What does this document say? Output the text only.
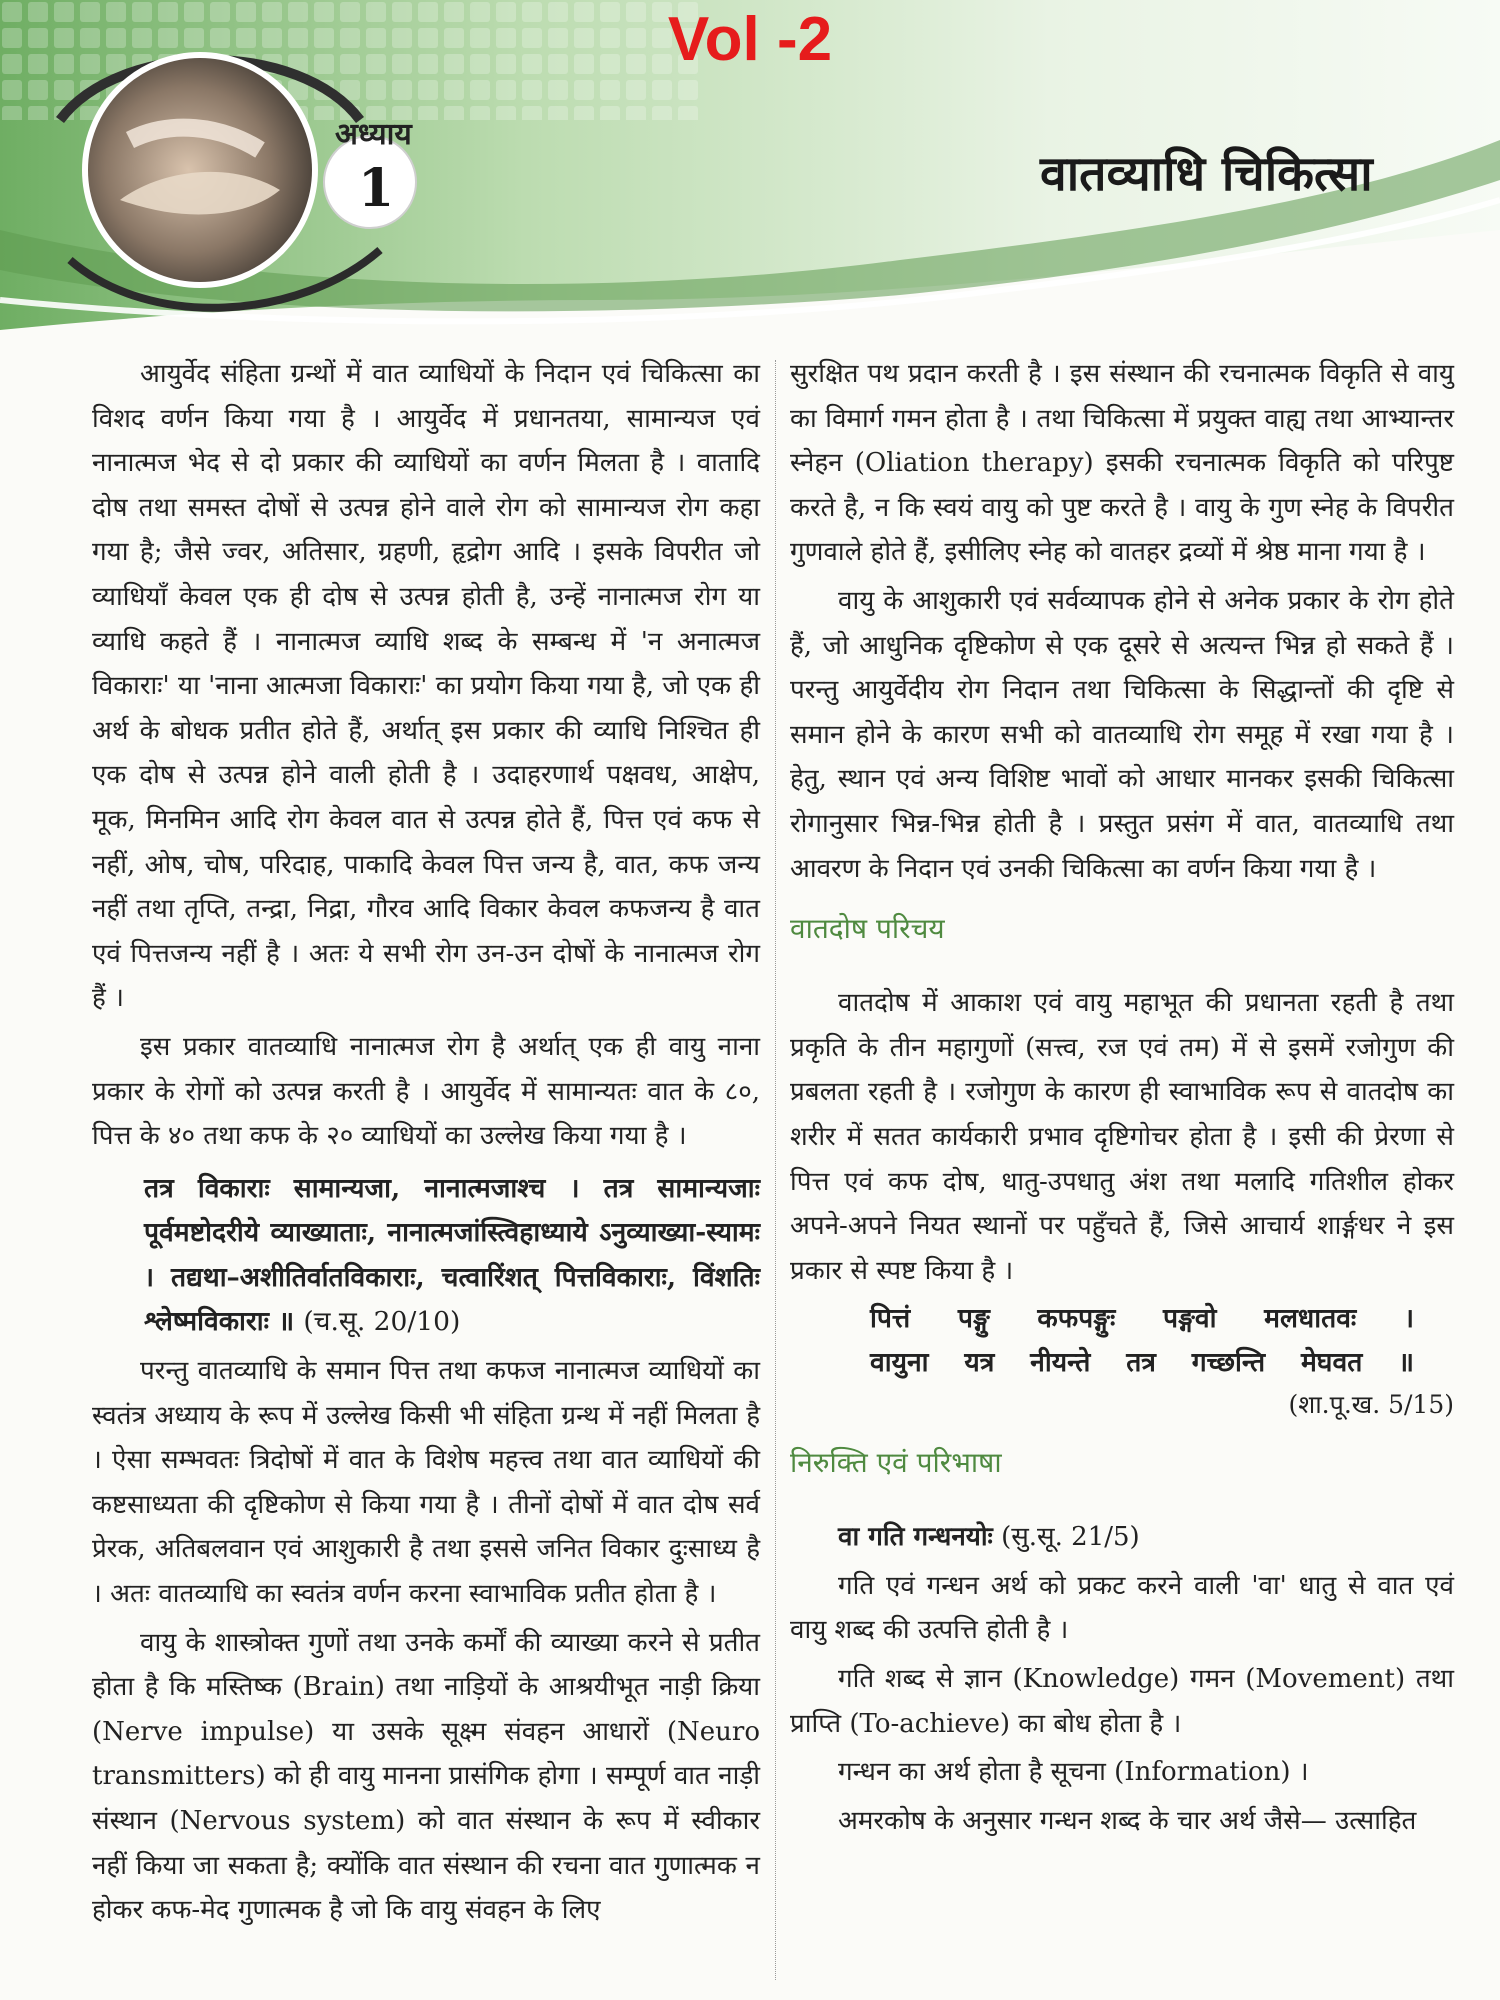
Vol -2
अध्याय
1	वातव्याधि चिकित्सा

आयुर्वेद संहिता ग्रन्थों में वात व्याधियों के निदान एवं चिकित्सा का विशद वर्णन किया गया है । आयुर्वेद में प्रधानतया, सामान्यज एवं नानात्मज भेद से दो प्रकार की व्याधियों का वर्णन मिलता है । वातादि दोष तथा समस्त दोषों से उत्पन्न होने वाले रोग को सामान्यज रोग कहा गया है; जैसे ज्वर, अतिसार, ग्रहणी, हृद्रोग आदि । इसके विपरीत जो व्याधियाँ केवल एक ही दोष से उत्पन्न होती है, उन्हें नानात्मज रोग या व्याधि कहते हैं । नानात्मज व्याधि शब्द के सम्बन्ध में 'न अनात्मज विकाराः' या 'नाना आत्मजा विकाराः' का प्रयोग किया गया है, जो एक ही अर्थ के बोधक प्रतीत होते हैं, अर्थात् इस प्रकार की व्याधि निश्चित ही एक दोष से उत्पन्न होने वाली होती है । उदाहरणार्थ पक्षवध, आक्षेप, मूक, मिनमिन आदि रोग केवल वात से उत्पन्न होते हैं, पित्त एवं कफ से नहीं, ओष, चोष, परिदाह, पाकादि केवल पित्त जन्य है, वात, कफ जन्य नहीं तथा तृप्ति, तन्द्रा, निद्रा, गौरव आदि विकार केवल कफजन्य है वात एवं पित्तजन्य नहीं है । अतः ये सभी रोग उन-उन दोषों के नानात्मज रोग हैं ।

इस प्रकार वातव्याधि नानात्मज रोग है अर्थात् एक ही वायु नाना प्रकार के रोगों को उत्पन्न करती है । आयुर्वेद में सामान्यतः वात के ८०, पित्त के ४० तथा कफ के २० व्याधियों का उल्लेख किया गया है ।

तत्र विकाराः सामान्यजा, नानात्मजाश्च । तत्र सामान्यजाः पूर्वमष्टोदरीये व्याख्याताः, नानात्मजांस्त्विहाध्याये ऽनुव्याख्या-स्यामः । तद्यथा–अशीतिर्वातविकाराः, चत्वारिंशत् पित्तविकाराः, विंशतिः श्लेष्मविकाराः ॥ (च.सू. 20/10)

परन्तु वातव्याधि के समान पित्त तथा कफज नानात्मज व्याधियों का स्वतंत्र अध्याय के रूप में उल्लेख किसी भी संहिता ग्रन्थ में नहीं मिलता है । ऐसा सम्भवतः त्रिदोषों में वात के विशेष महत्त्व तथा वात व्याधियों की कष्टसाध्यता की दृष्टिकोण से किया गया है । तीनों दोषों में वात दोष सर्व प्रेरक, अतिबलवान एवं आशुकारी है तथा इससे जनित विकार दुःसाध्य है । अतः वातव्याधि का स्वतंत्र वर्णन करना स्वाभाविक प्रतीत होता है ।

वायु के शास्त्रोक्त गुणों तथा उनके कर्मों की व्याख्या करने से प्रतीत होता है कि मस्तिष्क (Brain) तथा नाड़ियों के आश्रयीभूत नाड़ी क्रिया (Nerve impulse) या उसके सूक्ष्म संवहन आधारों (Neuro transmitters) को ही वायु मानना प्रासंगिक होगा । सम्पूर्ण वात नाड़ी संस्थान (Nervous system) को वात संस्थान के रूप में स्वीकार नहीं किया जा सकता है; क्योंकि वात संस्थान की रचना वात गुणात्मक न होकर कफ-मेद गुणात्मक है जो कि वायु संवहन के लिए

सुरक्षित पथ प्रदान करती है । इस संस्थान की रचनात्मक विकृति से वायु का विमार्ग गमन होता है । तथा चिकित्सा में प्रयुक्त वाह्य तथा आभ्यान्तर स्नेहन (Oliation therapy) इसकी रचनात्मक विकृति को परिपुष्ट करते है, न कि स्वयं वायु को पुष्ट करते है । वायु के गुण स्नेह के विपरीत गुणवाले होते हैं, इसीलिए स्नेह को वातहर द्रव्यों में श्रेष्ठ माना गया है ।

वायु के आशुकारी एवं सर्वव्यापक होने से अनेक प्रकार के रोग होते हैं, जो आधुनिक दृष्टिकोण से एक दूसरे से अत्यन्त भिन्न हो सकते हैं । परन्तु आयुर्वेदीय रोग निदान तथा चिकित्सा के सिद्धान्तों की दृष्टि से समान होने के कारण सभी को वातव्याधि रोग समूह में रखा गया है । हेतु, स्थान एवं अन्य विशिष्ट भावों को आधार मानकर इसकी चिकित्सा रोगानुसार भिन्न-भिन्न होती है । प्रस्तुत प्रसंग में वात, वातव्याधि तथा आवरण के निदान एवं उनकी चिकित्सा का वर्णन किया गया है ।

वातदोष परिचय

वातदोष में आकाश एवं वायु महाभूत की प्रधानता रहती है तथा प्रकृति के तीन महागुणों (सत्त्व, रज एवं तम) में से इसमें रजोगुण की प्रबलता रहती है । रजोगुण के कारण ही स्वाभाविक रूप से वातदोष का शरीर में सतत कार्यकारी प्रभाव दृष्टिगोचर होता है । इसी की प्रेरणा से पित्त एवं कफ दोष, धातु-उपधातु अंश तथा मलादि गतिशील होकर अपने-अपने नियत स्थानों पर पहुँचते हैं, जिसे आचार्य शार्ङ्गधर ने इस प्रकार से स्पष्ट किया है ।

पित्तं पङ्गु कफपङ्गुः पङ्गवो मलधातवः ।
वायुना यत्र नीयन्ते तत्र गच्छन्ति मेघवत ॥
(शा.पू.ख. 5/15)
निरुक्ति एवं परिभाषा

वा गति गन्धनयोः (सु.सू. 21/5)

गति एवं गन्धन अर्थ को प्रकट करने वाली 'वा' धातु से वात एवं वायु शब्द की उत्पत्ति होती है ।

गति शब्द से ज्ञान (Knowledge) गमन (Movement) तथा प्राप्ति (To-achieve) का बोध होता है ।

गन्धन का अर्थ होता है सूचना (Information) ।

अमरकोष के अनुसार गन्धन शब्द के चार अर्थ जैसे— उत्साहित
